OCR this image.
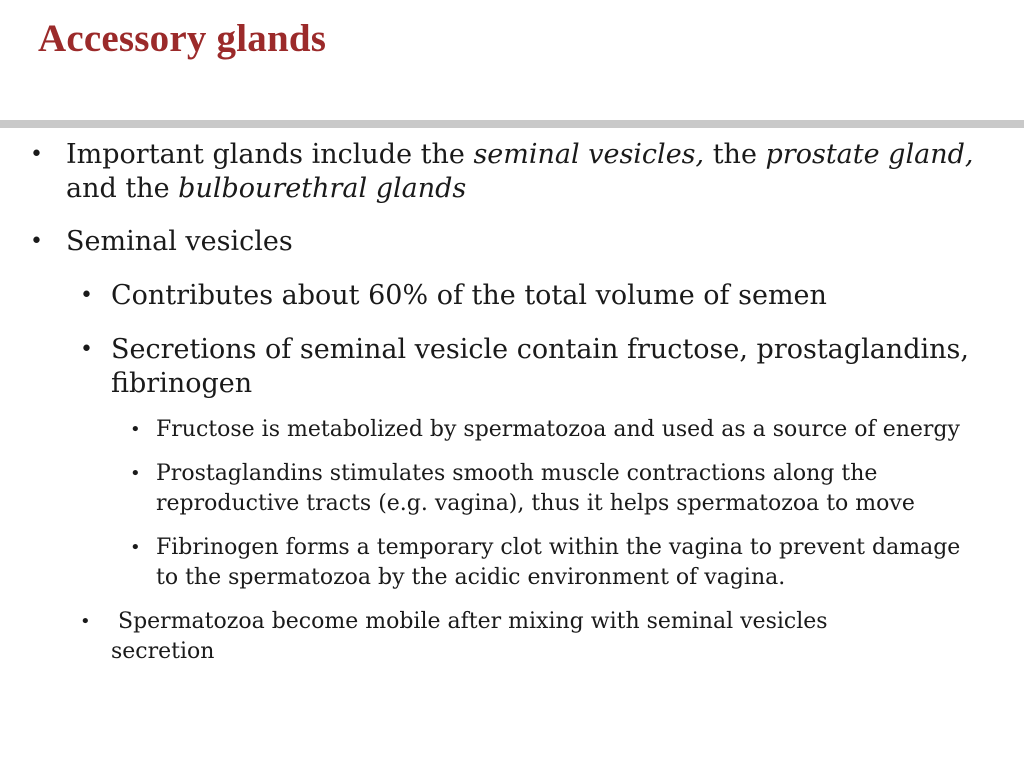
Accessory glands

• Important glands include the seminal vesicles, the prostate gland, and the bulbourethral glands

• Seminal vesicles

• Contributes about 60% of the total volume of semen

• Secretions of seminal vesicle contain fructose, prostaglandins, fibrinogen

• Fructose is metabolized by spermatozoa and used as a source of energy

• Prostaglandins stimulates smooth muscle contractions along the reproductive tracts (e.g. vagina), thus it helps spermatozoa to move

• Fibrinogen forms a temporary clot within the vagina to prevent damage to the spermatozoa by the acidic environment of vagina.

• Spermatozoa become mobile after mixing with seminal vesicles secretion
